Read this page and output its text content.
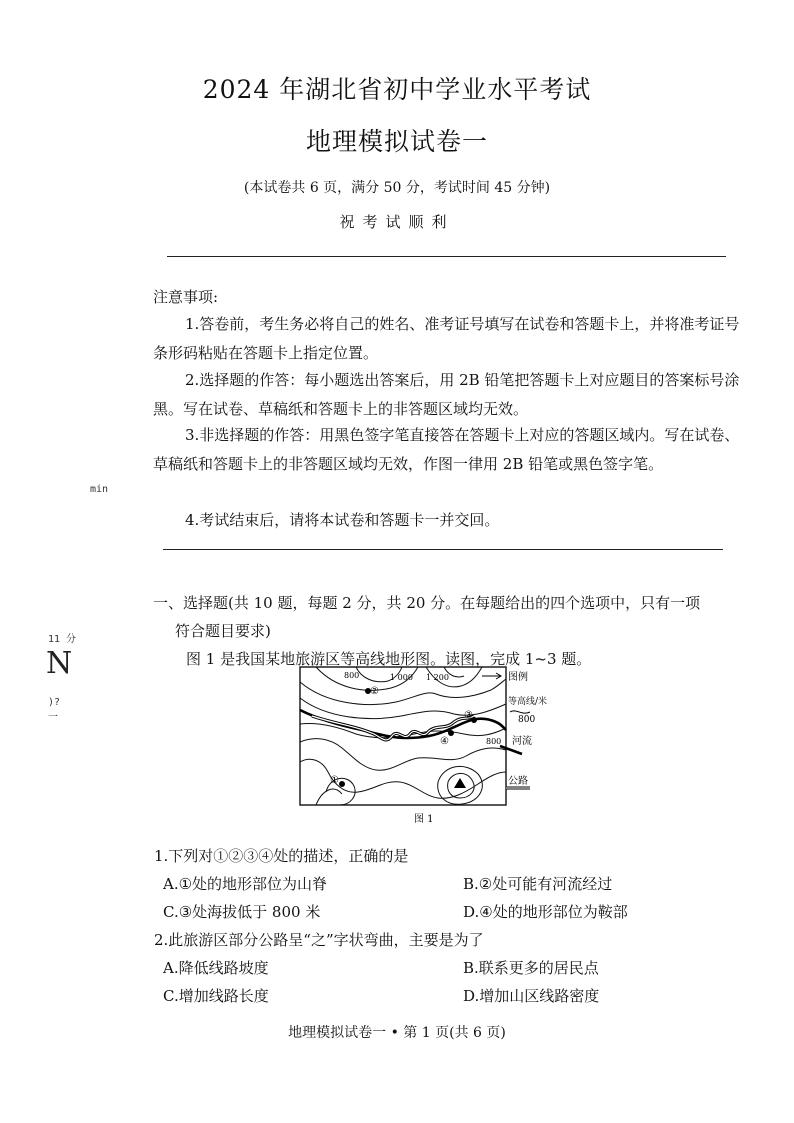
2024 年湖北省初中学业水平考试
地理模拟试卷一
(本试卷共 6 页，满分 50 分，考试时间 45 分钟)
祝考试顺利
注意事项:
1.答卷前，考生务必将自己的姓名、准考证号填写在试卷和答题卡上，并将准考证号条形码粘贴在答题卡上指定位置。
2.选择题的作答：每小题选出答案后，用 2B 铅笔把答题卡上对应题目的答案标号涂黑。写在试卷、草稿纸和答题卡上的非答题区域均无效。
3.非选择题的作答：用黑色签字笔直接答在答题卡上对应的答题区域内。写在试卷、草稿纸和答题卡上的非答题区域均无效，作图一律用 2B 铅笔或黑色签字笔。
4.考试结束后，请将本试卷和答题卡一并交回。
min
11 分
N
)?
一
一、选择题(共 10 题，每题 2 分，共 20 分。在每题给出的四个选项中，只有一项
符合题目要求)
图 1 是我国某地旅游区等高线地形图。读图，完成 1~3 题。
800	1 000 1 200
800
②
③
④
①
图例
等高线/米
800
河流
公路
图 1
1.下列对①②③④处的描述，正确的是
A.①处的地形部位为山脊	B.②处可能有河流经过
C.③处海拔低于 800 米	D.④处的地形部位为鞍部
2.此旅游区部分公路呈“之”字状弯曲，主要是为了
A.降低线路坡度	B.联系更多的居民点
C.增加线路长度	D.增加山区线路密度
地理模拟试卷一 • 第 1 页(共 6 页)
